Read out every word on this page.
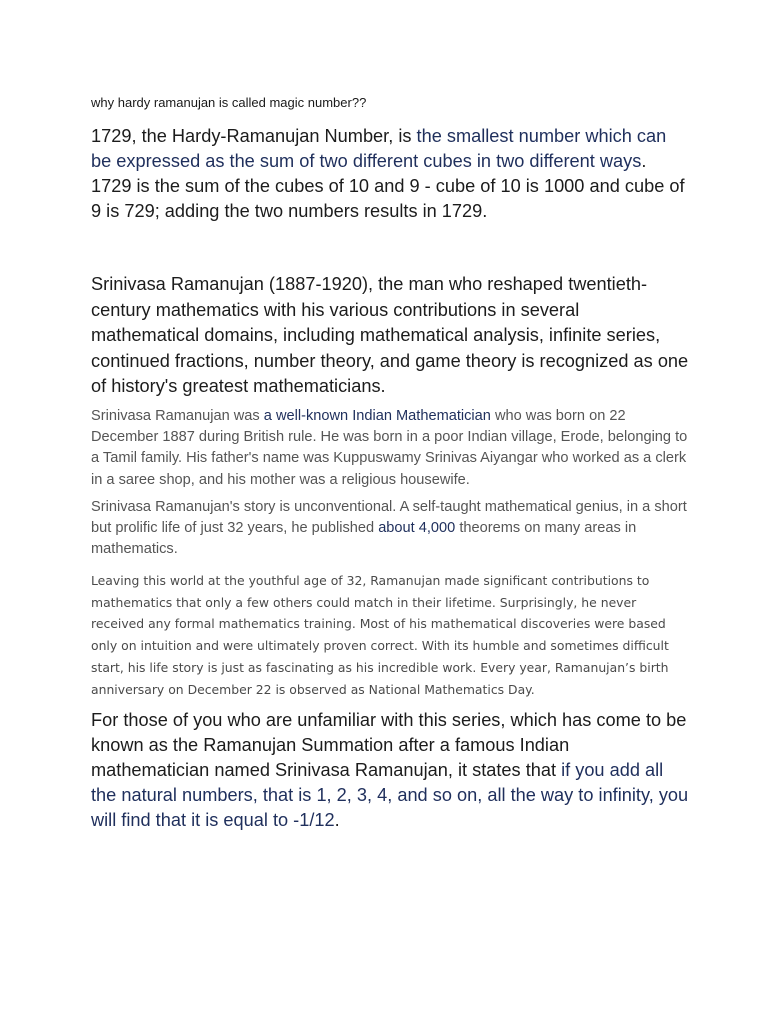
why hardy ramanujan is called magic number??

1729, the Hardy-Ramanujan Number, is the smallest number which can be expressed as the sum of two different cubes in two different ways. 1729 is the sum of the cubes of 10 and 9 - cube of 10 is 1000 and cube of 9 is 729; adding the two numbers results in 1729.

Srinivasa Ramanujan (1887-1920), the man who reshaped twentieth-century mathematics with his various contributions in several mathematical domains, including mathematical analysis, infinite series, continued fractions, number theory, and game theory is recognized as one of history's greatest mathematicians.

Srinivasa Ramanujan was a well-known Indian Mathematician who was born on 22 December 1887 during British rule. He was born in a poor Indian village, Erode, belonging to a Tamil family. His father's name was Kuppuswamy Srinivas Aiyangar who worked as a clerk in a saree shop, and his mother was a religious housewife.

Srinivasa Ramanujan's story is unconventional. A self-taught mathematical genius, in a short but prolific life of just 32 years, he published about 4,000 theorems on many areas in mathematics.

Leaving this world at the youthful age of 32, Ramanujan made significant contributions to mathematics that only a few others could match in their lifetime. Surprisingly, he never received any formal mathematics training. Most of his mathematical discoveries were based only on intuition and were ultimately proven correct. With its humble and sometimes difficult start, his life story is just as fascinating as his incredible work. Every year, Ramanujan’s birth anniversary on December 22 is observed as National Mathematics Day.

For those of you who are unfamiliar with this series, which has come to be known as the Ramanujan Summation after a famous Indian mathematician named Srinivasa Ramanujan, it states that if you add all the natural numbers, that is 1, 2, 3, 4, and so on, all the way to infinity, you will find that it is equal to -1/12.
